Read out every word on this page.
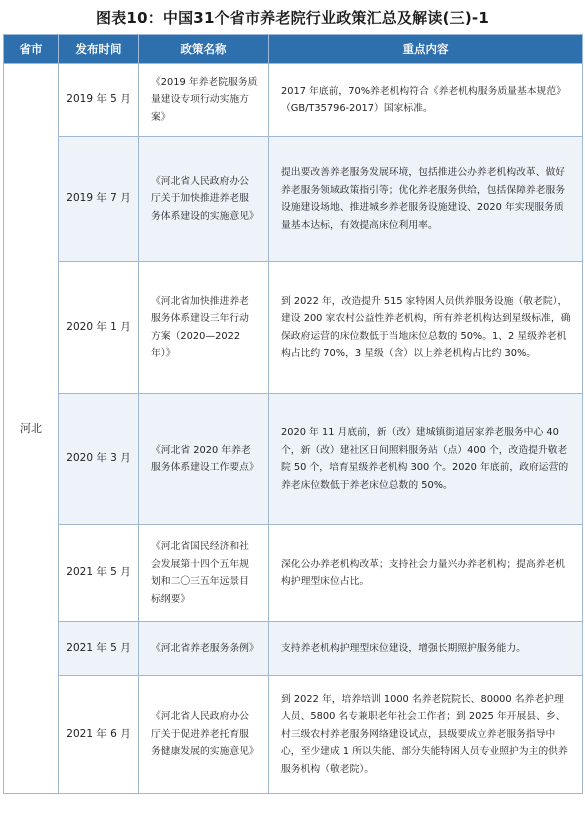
图表10：中国31个省市养老院行业政策汇总及解读(三)-1
省市	发布时间	政策名称	重点内容
河北	2019 年 5 月	《2019 年养老院服务质量建设专项行动实施方案》	2017 年底前，70%养老机构符合《养老机构服务质量基本规范》（GB/T35796-2017）国家标准。
	2019 年 7 月	《河北省人民政府办公厅关于加快推进养老服务体系建设的实施意见》	提出要改善养老服务发展环境，包括推进公办养老机构改革、做好养老服务领域政策指引等；优化养老服务供给，包括保障养老服务设施建设场地、推进城乡养老服务设施建设、2020 年实现服务质量基本达标，有效提高床位利用率。
	2020 年 1 月	《河北省加快推进养老服务体系建设三年行动方案（2020—2022 年）》	到 2022 年，改造提升 515 家特困人员供养服务设施（敬老院），建设 200 家农村公益性养老机构，所有养老机构达到星级标准，确保政府运营的床位数低于当地床位总数的 50%。1、2 星级养老机构占比约 70%，3 星级（含）以上养老机构占比约 30%。
	2020 年 3 月	《河北省 2020 年养老服务体系建设工作要点》	2020 年 11 月底前，新（改）建城镇街道居家养老服务中心 40 个，新（改）建社区日间照料服务站（点）400 个，改造提升敬老院 50 个，培育星级养老机构 300 个。2020 年底前，政府运营的养老床位数低于养老床位总数的 50%。
	2021 年 5 月	《河北省国民经济和社会发展第十四个五年规划和二〇三五年远景目标纲要》	深化公办养老机构改革；支持社会力量兴办养老机构；提高养老机构护理型床位占比。
	2021 年 5 月	《河北省养老服务条例》	支持养老机构护理型床位建设，增强长期照护服务能力。
	2021 年 6 月	《河北省人民政府办公厅关于促进养老托育服务健康发展的实施意见》	到 2022 年，培养培训 1000 名养老院院长、80000 名养老护理人员、5800 名专兼职老年社会工作者；到 2025 年开展县、乡、村三级农村养老服务网络建设试点，县级要成立养老服务指导中心，至少建成 1 所以失能、部分失能特困人员专业照护为主的供养服务机构（敬老院）。
